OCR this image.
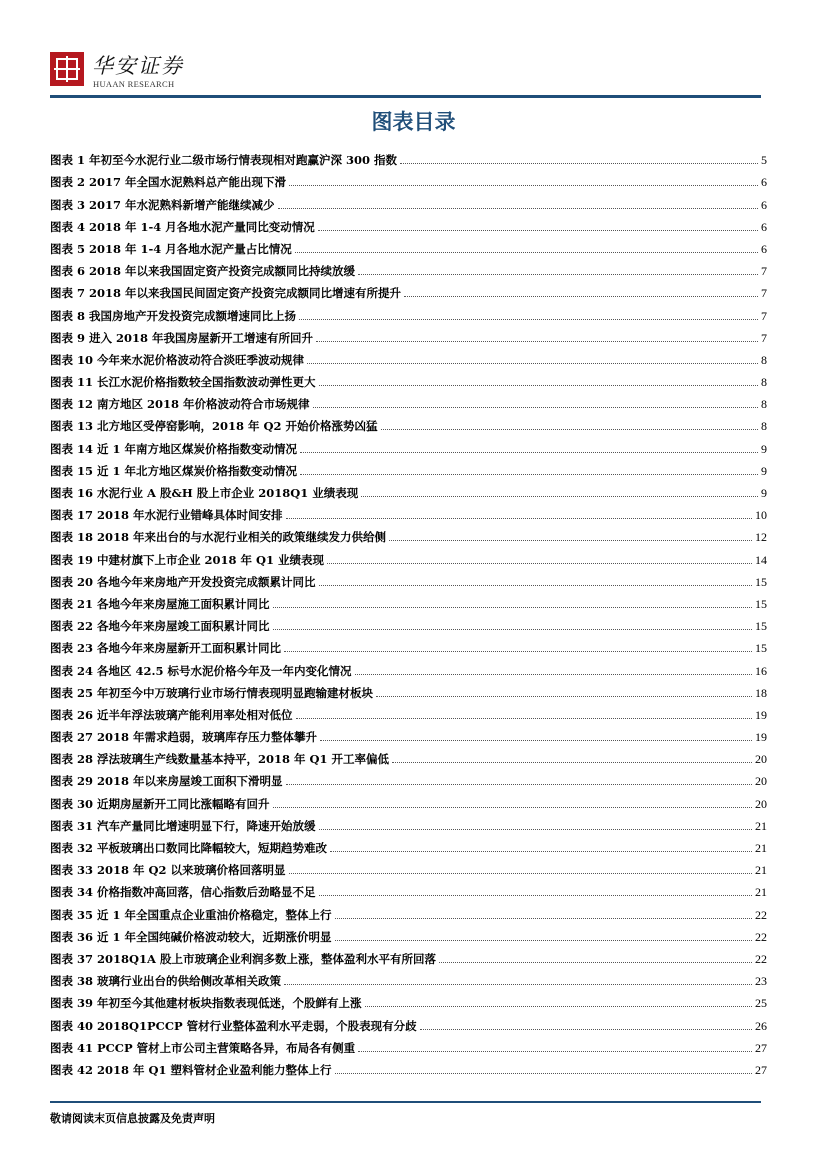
华安证券
HUAAN RESEARCH
图表目录
图表 1 年初至今水泥行业二级市场行情表现相对跑赢沪深 300 指数	5
图表 2 2017 年全国水泥熟料总产能出现下滑	6
图表 3 2017 年水泥熟料新增产能继续减少	6
图表 4 2018 年 1-4 月各地水泥产量同比变动情况	6
图表 5 2018 年 1-4 月各地水泥产量占比情况	6
图表 6 2018 年以来我国固定资产投资完成额同比持续放缓	7
图表 7 2018 年以来我国民间固定资产投资完成额同比增速有所提升	7
图表 8 我国房地产开发投资完成额增速同比上扬	7
图表 9 进入 2018 年我国房屋新开工增速有所回升	7
图表 10 今年来水泥价格波动符合淡旺季波动规律	8
图表 11 长江水泥价格指数较全国指数波动弹性更大	8
图表 12 南方地区 2018 年价格波动符合市场规律	8
图表 13 北方地区受停窑影响，2018 年 Q2 开始价格涨势凶猛	8
图表 14 近 1 年南方地区煤炭价格指数变动情况	9
图表 15 近 1 年北方地区煤炭价格指数变动情况	9
图表 16 水泥行业 A 股&H 股上市企业 2018Q1 业绩表现	9
图表 17 2018 年水泥行业错峰具体时间安排	10
图表 18 2018 年来出台的与水泥行业相关的政策继续发力供给侧	12
图表 19 中建材旗下上市企业 2018 年 Q1 业绩表现	14
图表 20 各地今年来房地产开发投资完成额累计同比	15
图表 21 各地今年来房屋施工面积累计同比	15
图表 22 各地今年来房屋竣工面积累计同比	15
图表 23 各地今年来房屋新开工面积累计同比	15
图表 24 各地区 42.5 标号水泥价格今年及一年内变化情况	16
图表 25 年初至今中万玻璃行业市场行情表现明显跑输建材板块	18
图表 26 近半年浮法玻璃产能利用率处相对低位	19
图表 27 2018 年需求趋弱，玻璃库存压力整体攀升	19
图表 28 浮法玻璃生产线数量基本持平，2018 年 Q1 开工率偏低	20
图表 29 2018 年以来房屋竣工面积下滑明显	20
图表 30 近期房屋新开工同比涨幅略有回升	20
图表 31 汽车产量同比增速明显下行，降速开始放缓	21
图表 32 平板玻璃出口数同比降幅较大，短期趋势难改	21
图表 33 2018 年 Q2 以来玻璃价格回落明显	21
图表 34 价格指数冲高回落，信心指数后劲略显不足	21
图表 35 近 1 年全国重点企业重油价格稳定，整体上行	22
图表 36 近 1 年全国纯碱价格波动较大，近期涨价明显	22
图表 37 2018Q1A 股上市玻璃企业利润多数上涨，整体盈利水平有所回落	22
图表 38 玻璃行业出台的供给侧改革相关政策	23
图表 39 年初至今其他建材板块指数表现低迷，个股鲜有上涨	25
图表 40 2018Q1PCCP 管材行业整体盈利水平走弱，个股表现有分歧	26
图表 41 PCCP 管材上市公司主营策略各异，布局各有侧重	27
图表 42 2018 年 Q1 塑料管材企业盈利能力整体上行	27
敬请阅读末页信息披露及免责声明
